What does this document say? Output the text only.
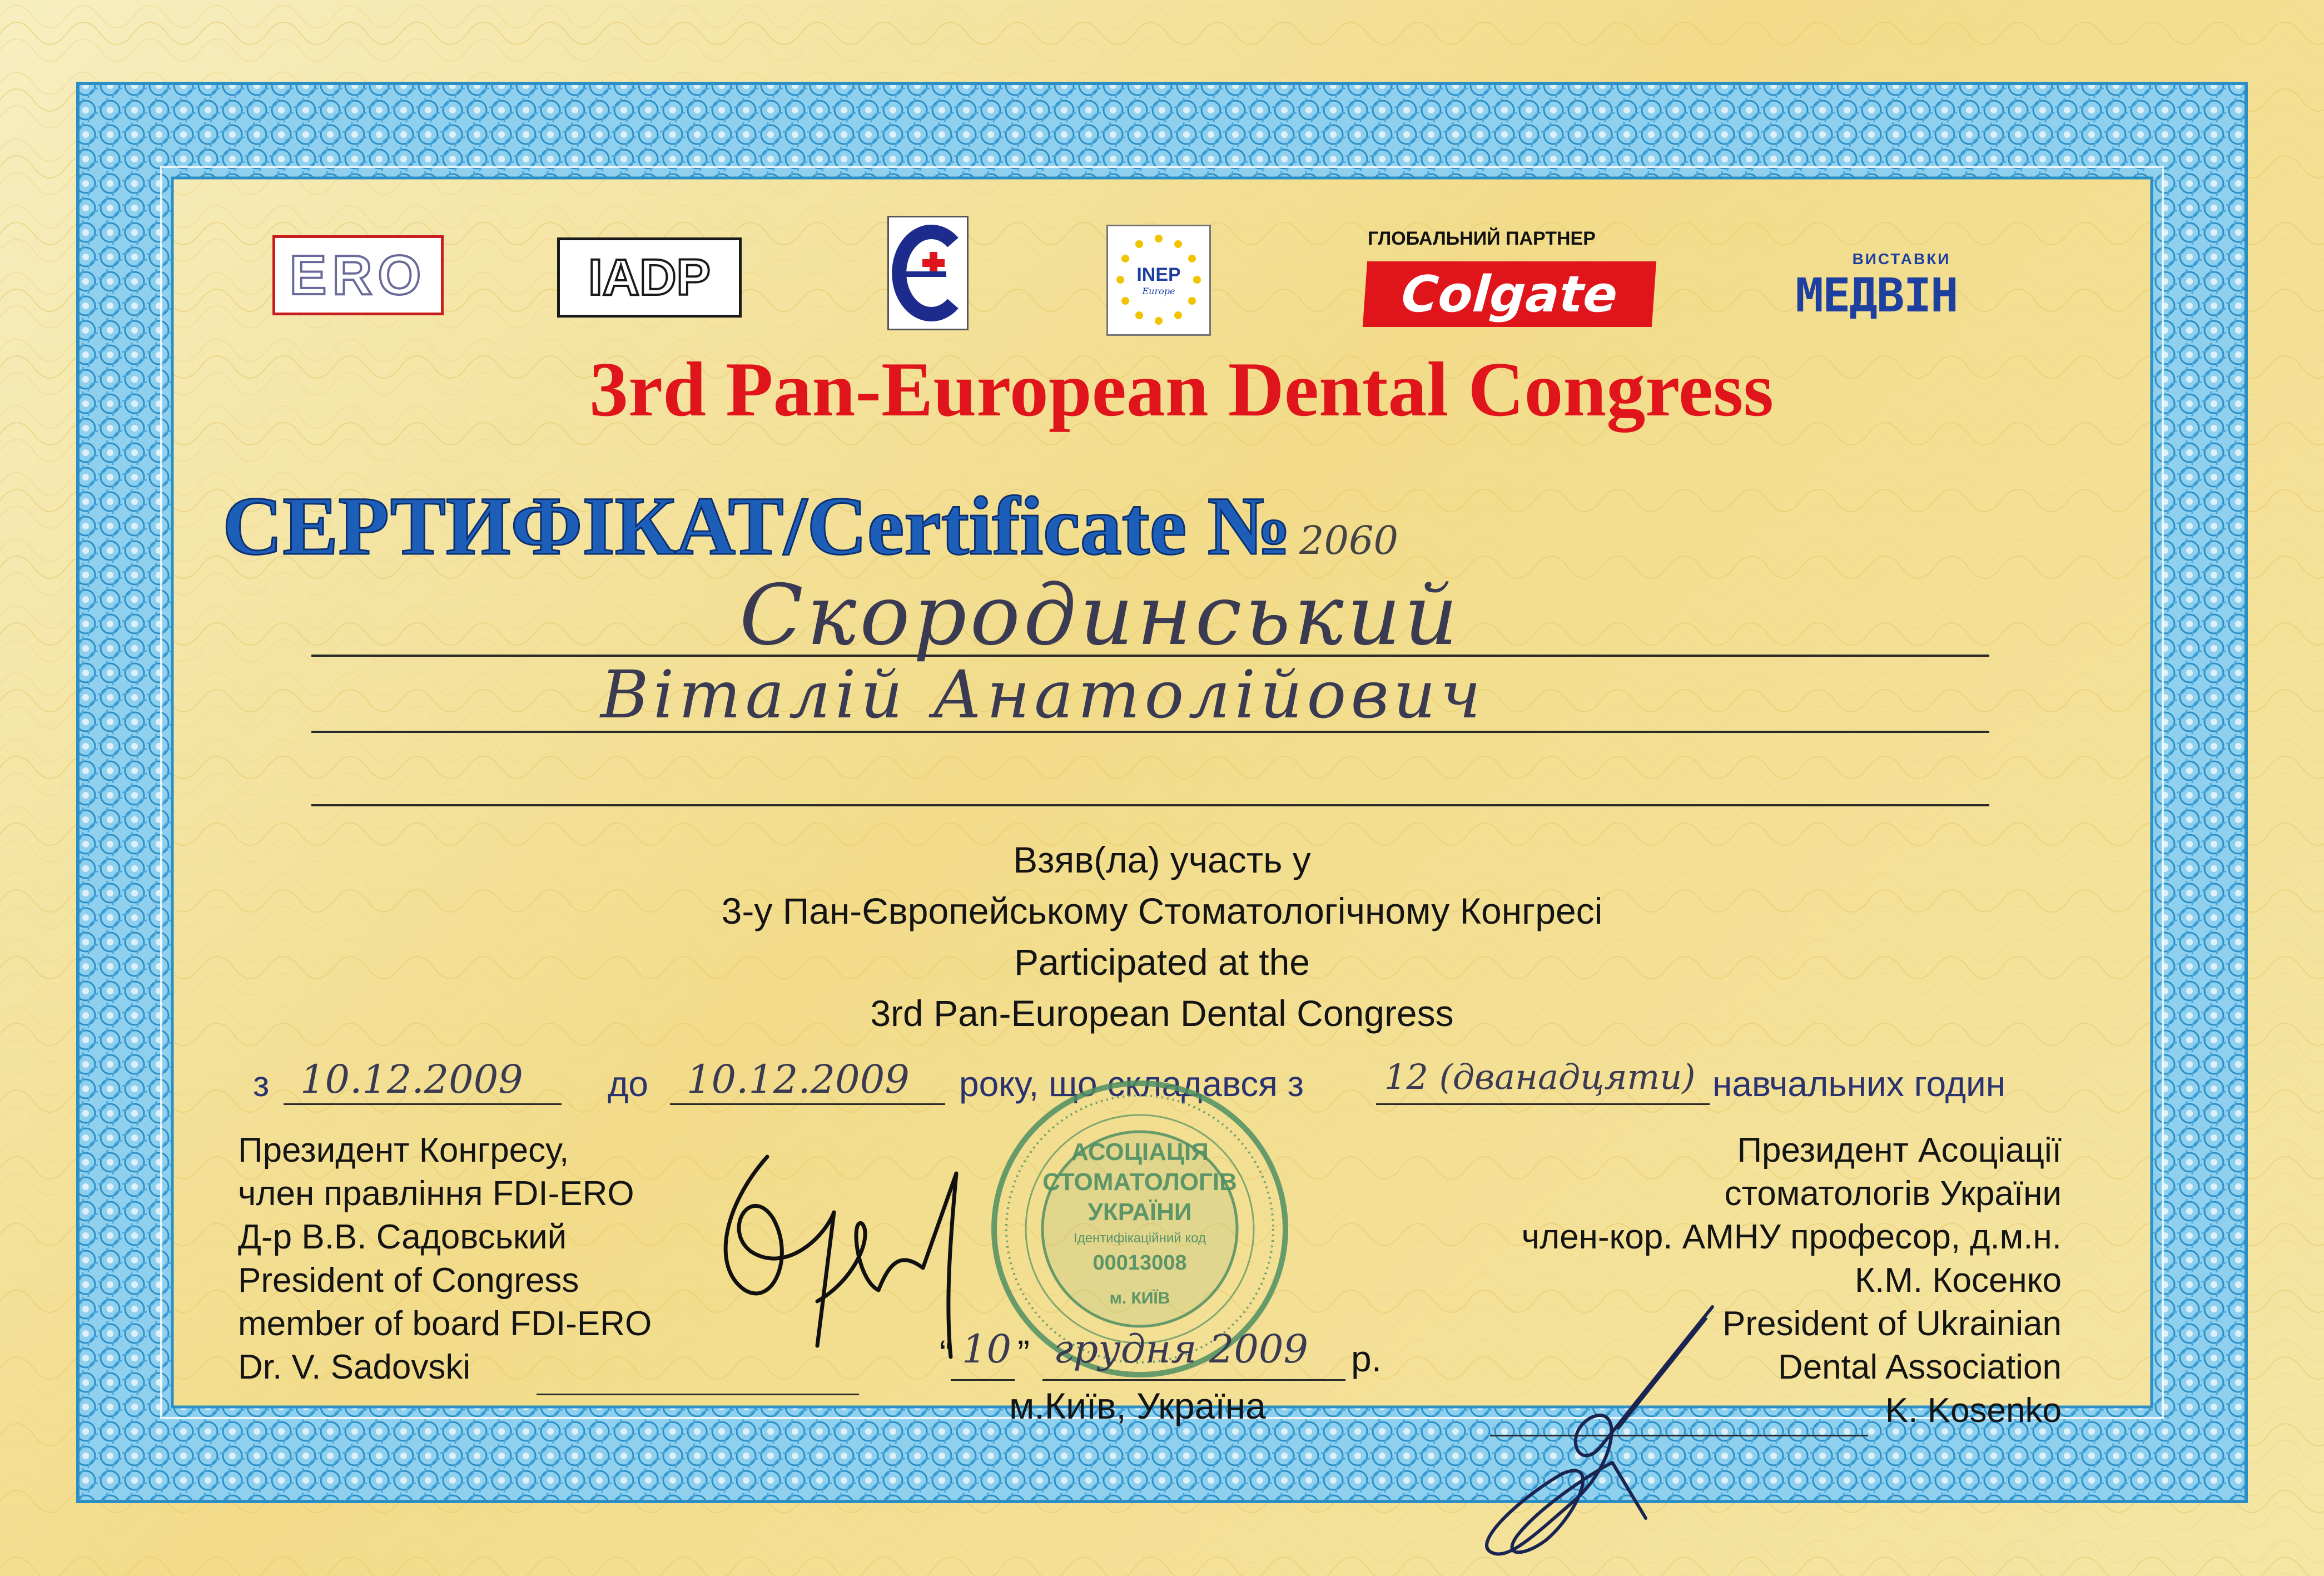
ERO	IADP	INEP
Europe
ГЛОБАЛЬНИЙ ПАРТНЕР
Colgate
ВИСТАВКИ
МЕДВІН
3rd Pan-European Dental Congress
СЕРТИФІКАТ/Certificate № 2060
Скородинський
Віталій Анатолійович
Взяв(ла) участь у
3-у Пан-Європейському Стоматологічному Конгресі
Participated at the
3rd Pan-European Dental Congress
з 10.12.2009 до 10.12.2009 року, що складався з 12 (дванадцяти) навчальних годин
Президент Конгресу,
член правління FDI-ERO
Д-р В.В. Садовський
President of Congress
member of board FDI-ERO
Dr. V. Sadovski
АСОЦІАЦІЯ
СТОМАТОЛОГІВ
УКРАЇНИ
Ідентифікаційний код
00013008
м. КИЇВ
“ 10 ” грудня 2009 р.
м.Київ, Україна
Президент Асоціації
стоматологів України
член-кор. АМНУ професор, д.м.н.
К.М. Косенко
President of Ukrainian
Dental Association
K. Kosenko
